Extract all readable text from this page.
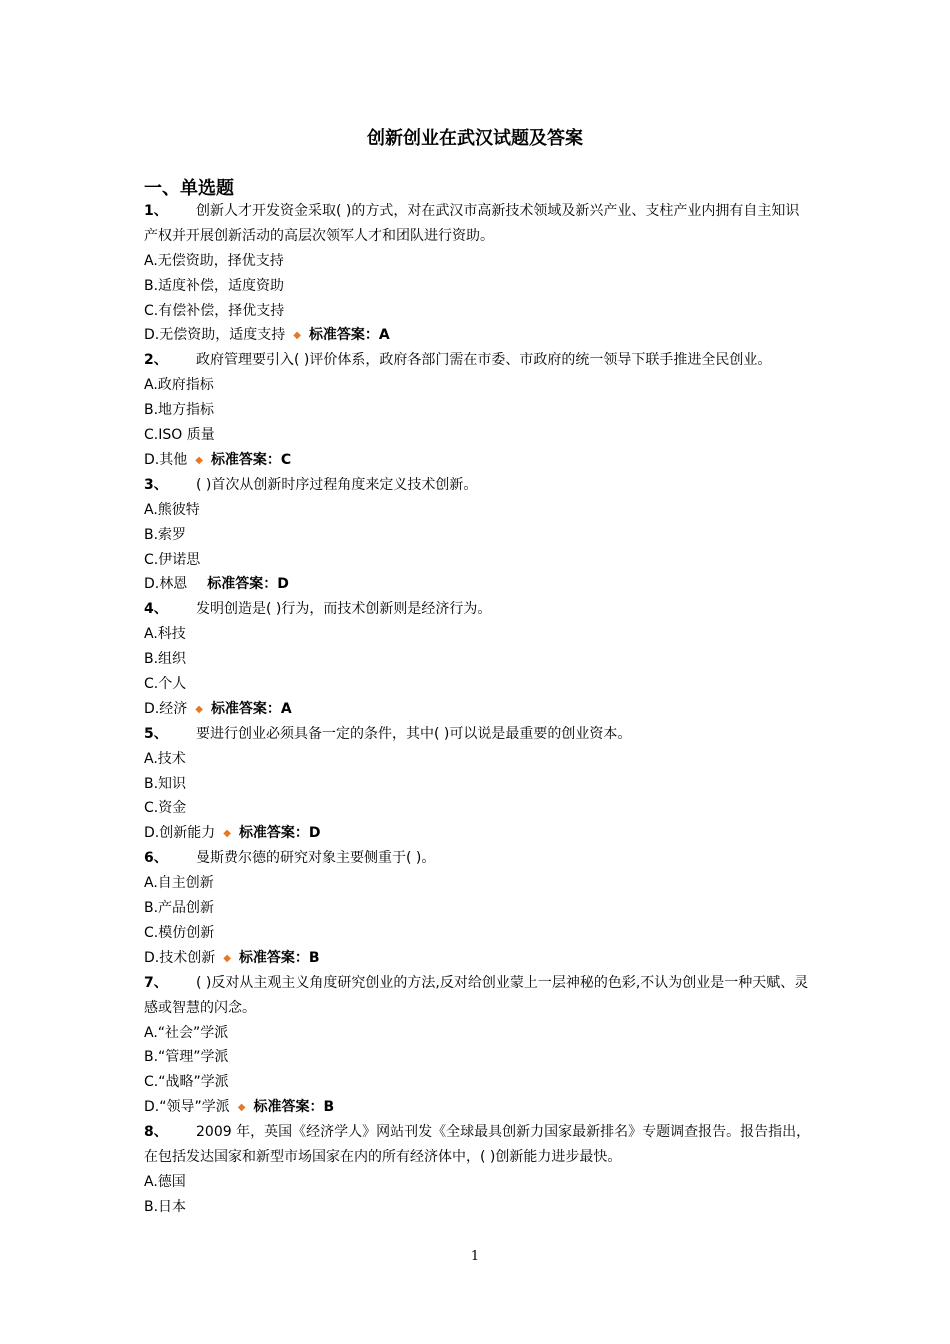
创新创业在武汉试题及答案
一、单选题
1、 创新人才开发资金采取( )的方式，对在武汉市高新技术领域及新兴产业、支柱产业内拥有自主知识产权并开展创新活动的高层次领军人才和团队进行资助。
A.无偿资助，择优支持
B.适度补偿，适度资助
C.有偿补偿，择优支持
D.无偿资助，适度支持 ◆ 标准答案：A
2、 政府管理要引入( )评价体系，政府各部门需在市委、市政府的统一领导下联手推进全民创业。
A.政府指标
B.地方指标
C.ISO 质量
D.其他 ◆ 标准答案：C
3、 ( )首次从创新时序过程角度来定义技术创新。
A.熊彼特
B.索罗
C.伊诺思
D.林恩 标准答案：D
4、 发明创造是( )行为，而技术创新则是经济行为。
A.科技
B.组织
C.个人
D.经济 ◆ 标准答案：A
5、 要进行创业必须具备一定的条件，其中( )可以说是最重要的创业资本。
A.技术
B.知识
C.资金
D.创新能力 ◆ 标准答案：D
6、 曼斯费尔德的研究对象主要侧重于( )。
A.自主创新
B.产品创新
C.模仿创新
D.技术创新 ◆ 标准答案：B
7、 ( )反对从主观主义角度研究创业的方法,反对给创业蒙上一层神秘的色彩,不认为创业是一种天赋、灵感或智慧的闪念。
A.“社会”学派
B.“管理”学派
C.“战略”学派
D.“领导”学派 ◆ 标准答案：B
8、 2009 年，英国《经济学人》网站刊发《全球最具创新力国家最新排名》专题调查报告。报告指出，在包括发达国家和新型市场国家在内的所有经济体中，( )创新能力进步最快。
A.德国
B.日本
1
